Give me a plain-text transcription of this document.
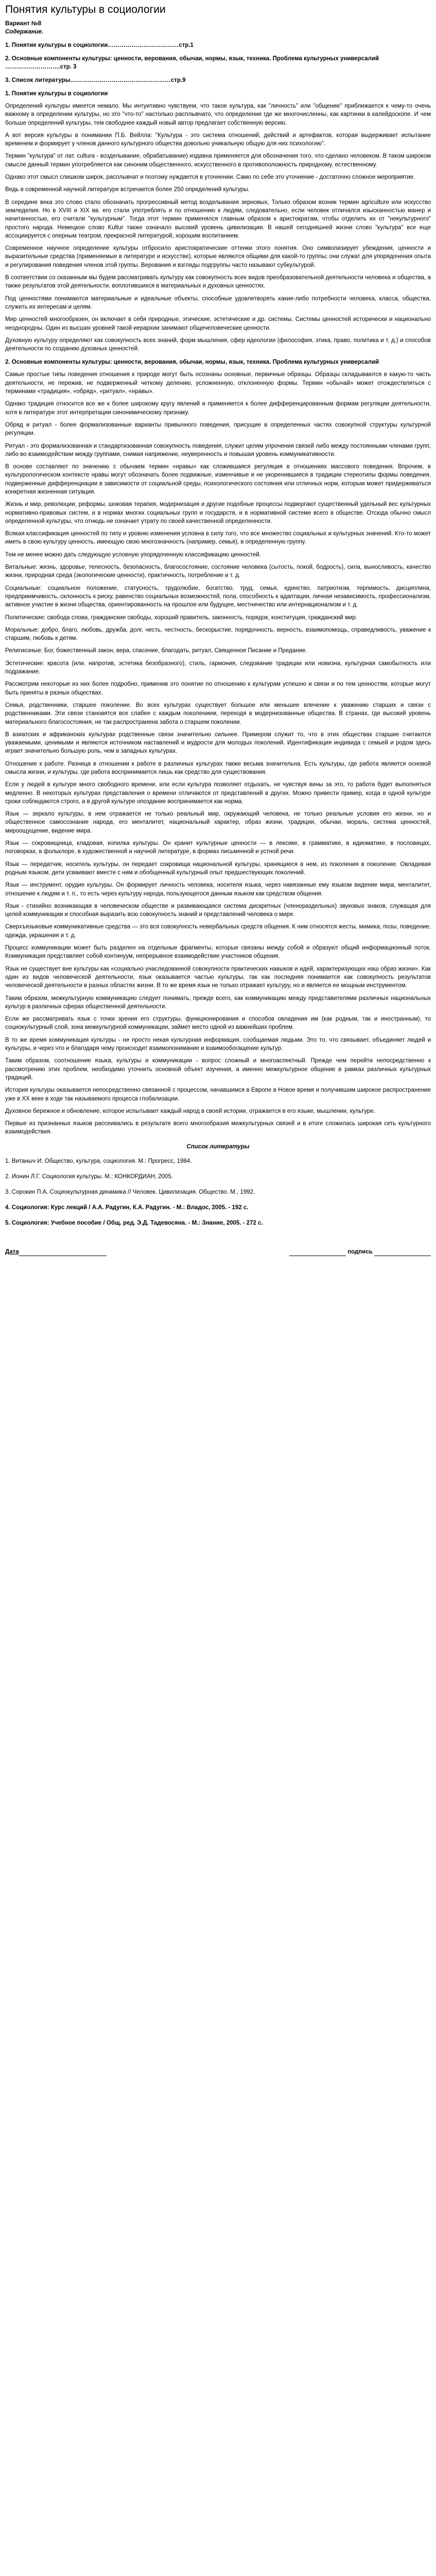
Понятия культуры в социологии
Вариант №8
Содержание.
1. Понятие культуры в социологии………………………………стр.1
2. Основные компоненты культуры: ценности, верования, обычаи, нормы, язык, техника. Проблема культурных универсалий ……………………….стр. 3
3. Список литературы……………………………………………стр.9
1. Понятие культуры в социологии

Определений культуры имеется немало. Мы интуитивно чувствуем, что такое культура, как "личность" или "общение" приближается к чему-то очень важному в определении культуры, но это "что-то" настолько расплывчато, что определение где же многочисленны, как картинки в калейдоскопе. И чем больше определений культуры, тем свободнее каждый новый автор предлагает собственную версию.

А вот версия культуры в понимании П.Б. Вейлла: "Культура - это система отношений, действий и артефактов, которая выдерживает испытание временем и формирует у членов данного культурного общества довольно уникальную общую для них психологию".

Термин "культура" от лат. cultura - возделывание, обрабатывание) издавна применяется для обозначения того, что сделано человеком. В таком широком смысле данный термин употребляется как синоним общественного, искусственного в противоположность природному, естественному.

Однако этот смысл слишком широк, расплывчат и поэтому нуждается в уточнении. Само по себе это уточнение - достаточно сложное мероприятие.

Ведь в современной научной литературе встречается более 250 определений культуры.

В середине века это слово стало обозначать прогрессивный метод возделывания зерновых, Только образом возник термин agriculture или искусство земледелия. Но в XVIII и XIX вв. его стали употреблять и по отношению к людям, следовательно, если человек отличался изысканностью манер и начитанностью, его считали "культурным". Тогда этот термин применялся главным образом к аристократам, чтобы отделить их от "некультурного" простого народа. Немецкое слово Kultur также означало высокий уровень цивилизации. В нашей сегодняшней жизни слово "культура" все еще ассоциируется с оперным театром, прекрасной литературой, хорошим воспитанием.

Современное научное определение культуры отбросило аристократические оттенки этого понятия. Оно символизирует убеждения, ценности и выразительные средства (применяемые в литературе и искусстве), которые являются общими для какой-то группы; они служат для упорядочения опыта и регулирования поведения членов этой группы. Верования и взгляды подгруппы часто называют субкультурой.

В соответствии со сказанным мы будем рассматривать культуру как совокупность всех видов преобразовательной деятельности человека и общества, а также результатов этой деятельности, воплотившихся в материальных и духовных ценностях.

Под ценностями понимаются материальные и идеальные объекты, способные удовлетворять какие-либо потребности человека, класса, общества, служить их интересам и целям.

Мир ценностей многообразен, он включает в себя природные, этические, эстетические и др. системы. Системы ценностей исторически и национально неоднородны. Один из высших уровней такой иерархии занимают общечеловеческие ценности.

Духовную культуру определяют как совокупность всех знаний, форм мышления, сфер идеологии (философия, этика, право, политика и т. д.) и способов деятельности по созданию духовных ценностей.

2. Основные компоненты культуры: ценности, верования, обычаи, нормы, язык, техника. Проблема культурных универсалий

Самые простые типы поведения отношения к природе могут быть осознаны основные, первичные образцы. Образцы складываются в какую-то часть деятельности, не пережив, не подверженный четкому делению, усложненную, отклоненную формы. Термин «обычай» может отождествляться с терминами «традиция», «обряд», «ритуал», «нравы».

Однако традиция относится все же к более широкому кругу явлений и применяется к более дифференцированным формам регуляции деятельности, хотя в литературе этот интерпретации синонимическому признаку.

Обряд и ритуал - более формализованные варианты привычного поведения, присущие в определенных частях совокупной структуры культурной регуляции.

Ритуал - это формализованная и стандартизованная совокупность поведения, служит целям упрочения связей либо между постоянными членами групп, либо во взаимодействии между группами, снимая напряжение, неуверенность и повышая уровень коммуникативности.

В основе составляют по значению с обычаем термин «нравы» как сложившаяся регуляция в отношениях массового поведения. Впрочем, в культурологическом контексте нравы могут обозначать более подвижные, изменчивые и не укоренившиеся в традиции стереотипы формы поведения, подверженные дифференциации в зависимости от социальной среды, психологического состояния или отличных норм, которым может придерживаться конкретная жизненная ситуация.

Жизнь и мир, революции, реформы, шоковая терапия, модернизация и другие подобные процессы подвергают существенный удельный вес культурных нормативно-правовых систем, и в нормах многих социальных групп и государств, и в нормативной системе всего в обществе. Отсюда обычно смысл определенной культуры, что отнюдь не означает утрату по своей качественной определенности.

Всякая классификация ценностей по типу и уровню изменения условна в силу того, что все множество социальных и культурных значений. Кто-то может иметь в свою культуру ценность, имеющую свою многозначность (например, семья), в определенную группу.

Тем не менее можно дать следующую условную упорядоченную классификацию ценностей.

Витальные: жизнь, здоровье, телесность, безопасность, благосостояние, состояние человека (сытость, покой, бодрость), сила, выносливость, качество жизни, природная среда (экологические ценности), практичность, потребление и т. д.

Социальные: социальное положение, статусность, трудолюбие, богатство, труд, семья, единство, патриотизм, терпимость, дисциплина, предприимчивость, склонность к риску, равенство социальных возможностей, пола, способность к адаптации, личная независимость, профессионализм, активное участие в жизни общества, ориентированность на прошлое или будущее, местничество или интернационализм и т. д.

Политические: свобода слова, гражданские свободы, хороший правитель, законность, порядок, конституция, гражданский мир.

Моральные: добро, благо, любовь, дружба, долг, честь, честность, бескорыстие, порядочность, верность, взаимопомощь, справедливость, уважение к старшим, любовь к детям.

Религиозные: Бог, божественный закон, вера, спасение, благодать, ритуал, Священное Писание и Предание.

Эстетические: красота (или, напротив, эстетика безобразного), стиль, гармония, следование традиции или новизна, культурная самобытность или подражание.

Рассмотрим некоторые из них более подробно, применив это понятие по отношению к культурам успешно и связи и по тем ценностям, которые могут быть приняты в разных обществах.

Семья, родственники, старшее поколение. Во всех культурах существует большое или меньшее влечение к уважению старших и связи с родственниками. Эти связи становятся все слабее с каждым поколением, переходя в модернизованные общества. В странах, где высокий уровень материального благосостояния, не так распространена забота о старшем поколении.

В азиатских и африканских культурах родственные связи значительно сильнее. Примером служит то, что в этих обществах старшие считаются уважаемыми, ценимыми и являются источником наставлений и мудрости для молодых поколений. Идентификация индивида с семьей и родом здесь играет значительно большую роль, чем в западных культурах.

Отношение к работе. Разница в отношении к работе в различных культурах также весьма значительна. Есть культуры, где работа является основой смысла жизни, и культуры, где работа воспринимается лишь как средство для существования.

Если у людей в культуре много свободного времени, или если культура позволяет отдыхать, не чувствуя вины за это, то работа будет выполняться медленно. В некоторых культурах представления о времени отличаются от представлений в других. Можно привести пример, когда в одной культуре сроки соблюдаются строго, а в другой культуре опоздание воспринимается как норма.

Язык — зеркало культуры, в нем отражается не только реальный мир, окружающий человека, не только реальные условия его жизни, но и общественное самосознание народа, его менталитет, национальный характер, образ жизни, традиции, обычаи, мораль, система ценностей, мироощущение, видение мира.

Язык — сокровищница, кладовая, копилка культуры. Он хранит культурные ценности — в лексике, в грамматике, в идиоматике, в пословицах, поговорках, в фольклоре, в художественной и научной литературе, в формах письменной и устной речи.

Язык — передатчик, носитель культуры, он передает сокровища национальной культуры, хранящиеся в нем, из поколения в поколение. Овладевая родным языком, дети усваивают вместе с ним и обобщенный культурный опыт предшествующих поколений.

Язык — инструмент, орудие культуры. Он формирует личность человека, носителя языка, через навязанные ему языком видение мира, менталитет, отношение к людям и т. п., то есть через культуру народа, пользующегося данным языком как средством общения.

Язык - стихийно возникающая в человеческом обществе и развивающаяся система дискретных (членораздельных) звуковых знаков, служащая для целей коммуникации и способная выразить всю совокупность знаний и представлений человека о мире.

Сверхъязыковые коммуникативные средства — это вся совокупность невербальных средств общения. К ним относятся жесты, мимика, позы, поведение, одежда, украшения и т. д.

Процесс коммуникации может быть разделен на отдельные фрагменты, которые связаны между собой и образуют общий информационный поток. Коммуникация представляет собой континуум, непрерывное взаимодействие участников общения.

Язык не существует вне культуры как «социально унаследованной совокупности практических навыков и идей, характеризующих наш образ жизни». Как один из видов человеческой деятельности, язык оказывается частью культуры, так как последняя понимается как совокупность результатов человеческой деятельности в разных областях жизни. В то же время язык не только отражает культуру, но и является ее мощным инструментом.

Таким образом, межкультурную коммуникацию следует понимать, прежде всего, как коммуникацию между представителями различных национальных культур в различных сферах общественной деятельности.

Если же рассматривать язык с точки зрения его структуры, функционирования и способов овладения им (как родным, так и иностранным), то социокультурный слой, зона межкультурной коммуникации, займет место одной из важнейших проблем.

В то же время коммуникация культуры - не просто некая культурная информация, сообщаемая людьми. Это то, что связывает, объединяет людей и культуры, и через что и благодаря чему происходит взаимопонимание и взаимообогащение культур.

Таким образом, соотношение языка, культуры и коммуникации - вопрос сложный и многоаспектный. Прежде чем перейти непосредственно к рассмотрению этих проблем, необходимо уточнить основной объект изучения, а именно межкультурное общение в рамках различных культурных традиций.

История культуры оказывается непосредственно связанной с процессом, начавшимся в Европе в Новое время и получившим широкое распространение уже в XX веке в ходе так называемого процесса глобализации.

Духовное бережное и обновление, которое испытывает каждый народ в своей истории, отражается в его языке, мышлении, культуре.

Первые из признанных языков рассеивались в результате всего многообразия межкультурных связей и в итоге сложилась широкая сеть культурного взаимодействия.

Список литературы
1. Витаныч И. Общество, культура, социология. М.: Прогресс, 1984.
2. Ионин Л.Г. Социология культуры. М.: КОНКОРДИАН, 2005.
3. Сорокин П.А. Социокультурная динамика // Человек. Цивилизация. Общество. М., 1992.
4. Социология: Курс лекций / А.А. Радугин, К.А. Радугин. - М.: Владос, 2005. - 192 с.
5. Социология: Учебное пособие / Общ. ред. Э.Д. Тадевосяна. - М.: Знание, 2005. - 272 с.
Дата	подпись
